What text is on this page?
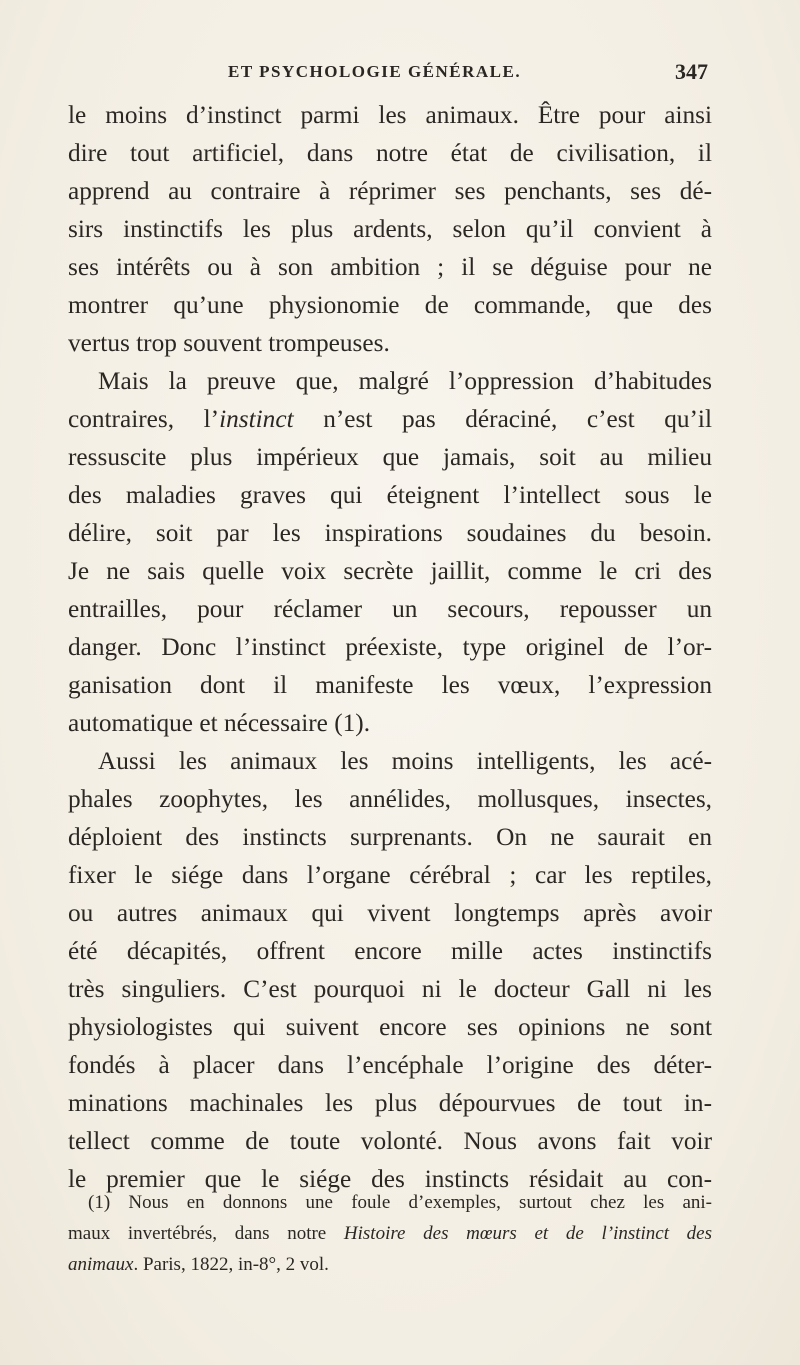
ET PSYCHOLOGIE GÉNÉRALE.	347
le moins d’instinct parmi les animaux. Être pour ainsi
dire tout artificiel, dans notre état de civilisation, il
apprend au contraire à réprimer ses penchants, ses dé-
sirs instinctifs les plus ardents, selon qu’il convient à
ses intérêts ou à son ambition ; il se déguise pour ne
montrer qu’une physionomie de commande, que des
vertus trop souvent trompeuses.
Mais la preuve que, malgré l’oppression d’habitudes
contraires, l’instinct n’est pas déraciné, c’est qu’il
ressuscite plus impérieux que jamais, soit au milieu
des maladies graves qui éteignent l’intellect sous le
délire, soit par les inspirations soudaines du besoin.
Je ne sais quelle voix secrète jaillit, comme le cri des
entrailles, pour réclamer un secours, repousser un
danger. Donc l’instinct préexiste, type originel de l’or-
ganisation dont il manifeste les vœux, l’expression
automatique et nécessaire (1).
Aussi les animaux les moins intelligents, les acé-
phales zoophytes, les annélides, mollusques, insectes,
déploient des instincts surprenants. On ne saurait en
fixer le siége dans l’organe cérébral ; car les reptiles,
ou autres animaux qui vivent longtemps après avoir
été décapités, offrent encore mille actes instinctifs
très singuliers. C’est pourquoi ni le docteur Gall ni les
physiologistes qui suivent encore ses opinions ne sont
fondés à placer dans l’encéphale l’origine des déter-
minations machinales les plus dépourvues de tout in-
tellect comme de toute volonté. Nous avons fait voir
le premier que le siége des instincts résidait au con-
(1) Nous en donnons une foule d’exemples, surtout chez les ani-
maux invertébrés, dans notre Histoire des mœurs et de l’instinct des
animaux. Paris, 1822, in-8°, 2 vol.
